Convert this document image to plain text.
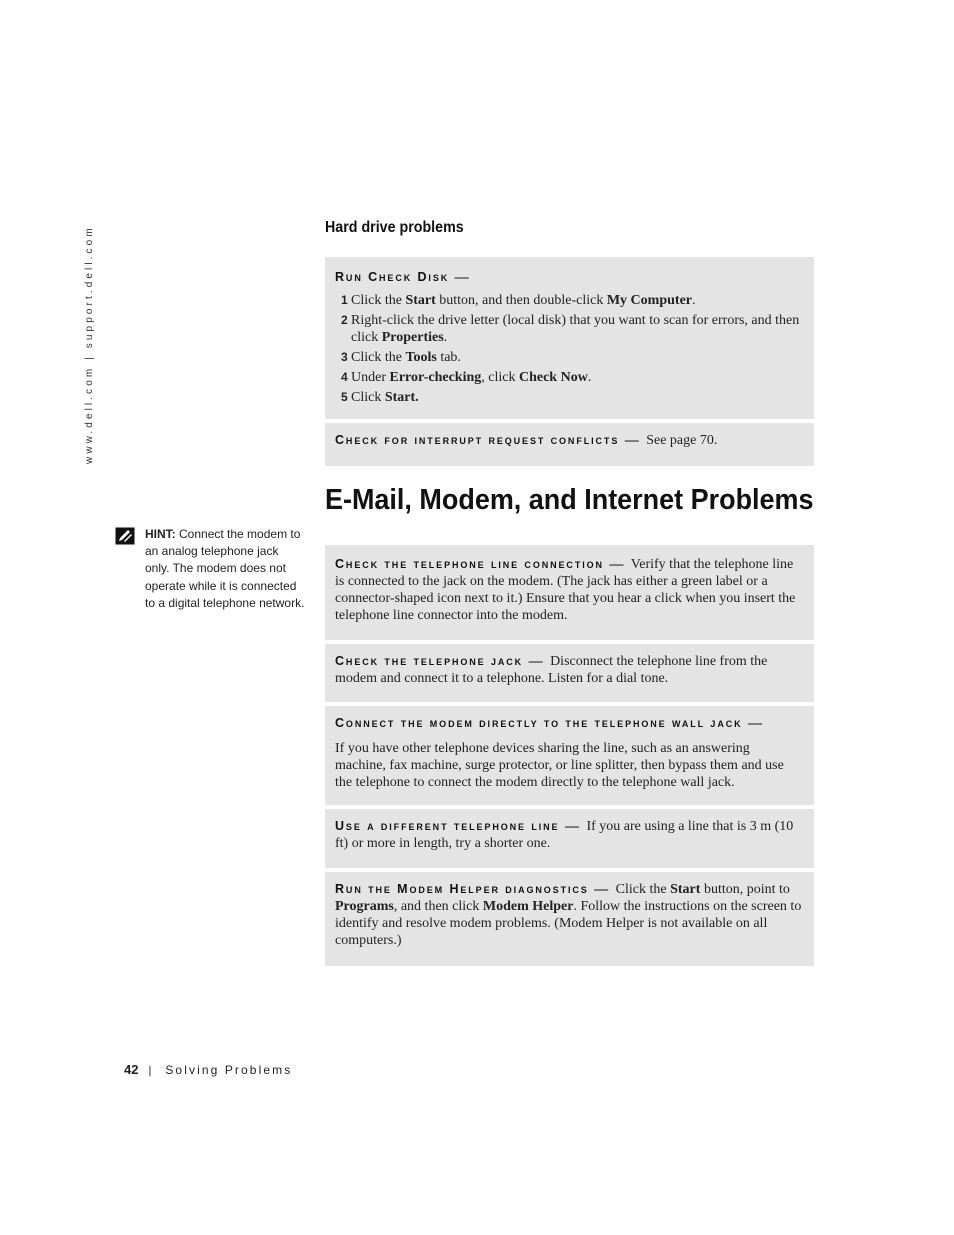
www.dell.com | support.dell.com	Hard drive problems

Run Check Disk —

1 Click the Start button, and then double-click My Computer.
2 Right-click the drive letter (local disk) that you want to scan for errors, and then click Properties.
3 Click the Tools tab.
4 Under Error-checking, click Check Now.
5 Click Start.

Check for interrupt request conflicts — See page 70.

E-Mail, Modem, and Internet Problems

Check the telephone line connection — Verify that the telephone line is connected to the jack on the modem. (The jack has either a green label or a connector-shaped icon next to it.) Ensure that you hear a click when you insert the telephone line connector into the modem.

Check the telephone jack — Disconnect the telephone line from the modem and connect it to a telephone. Listen for a dial tone.

Connect the modem directly to the telephone wall jack —

If you have other telephone devices sharing the line, such as an answering machine, fax machine, surge protector, or line splitter, then bypass them and use the telephone to connect the modem directly to the telephone wall jack.

Use a different telephone line — If you are using a line that is 3 m (10 ft) or more in length, try a shorter one.

Run the Modem Helper diagnostics — Click the Start button, point to Programs, and then click Modem Helper. Follow the instructions on the screen to identify and resolve modem problems. (Modem Helper is not available on all computers.)

HINT: Connect the modem to an analog telephone jack only. The modem does not operate while it is connected to a digital telephone network.
42 | Solving Problems
